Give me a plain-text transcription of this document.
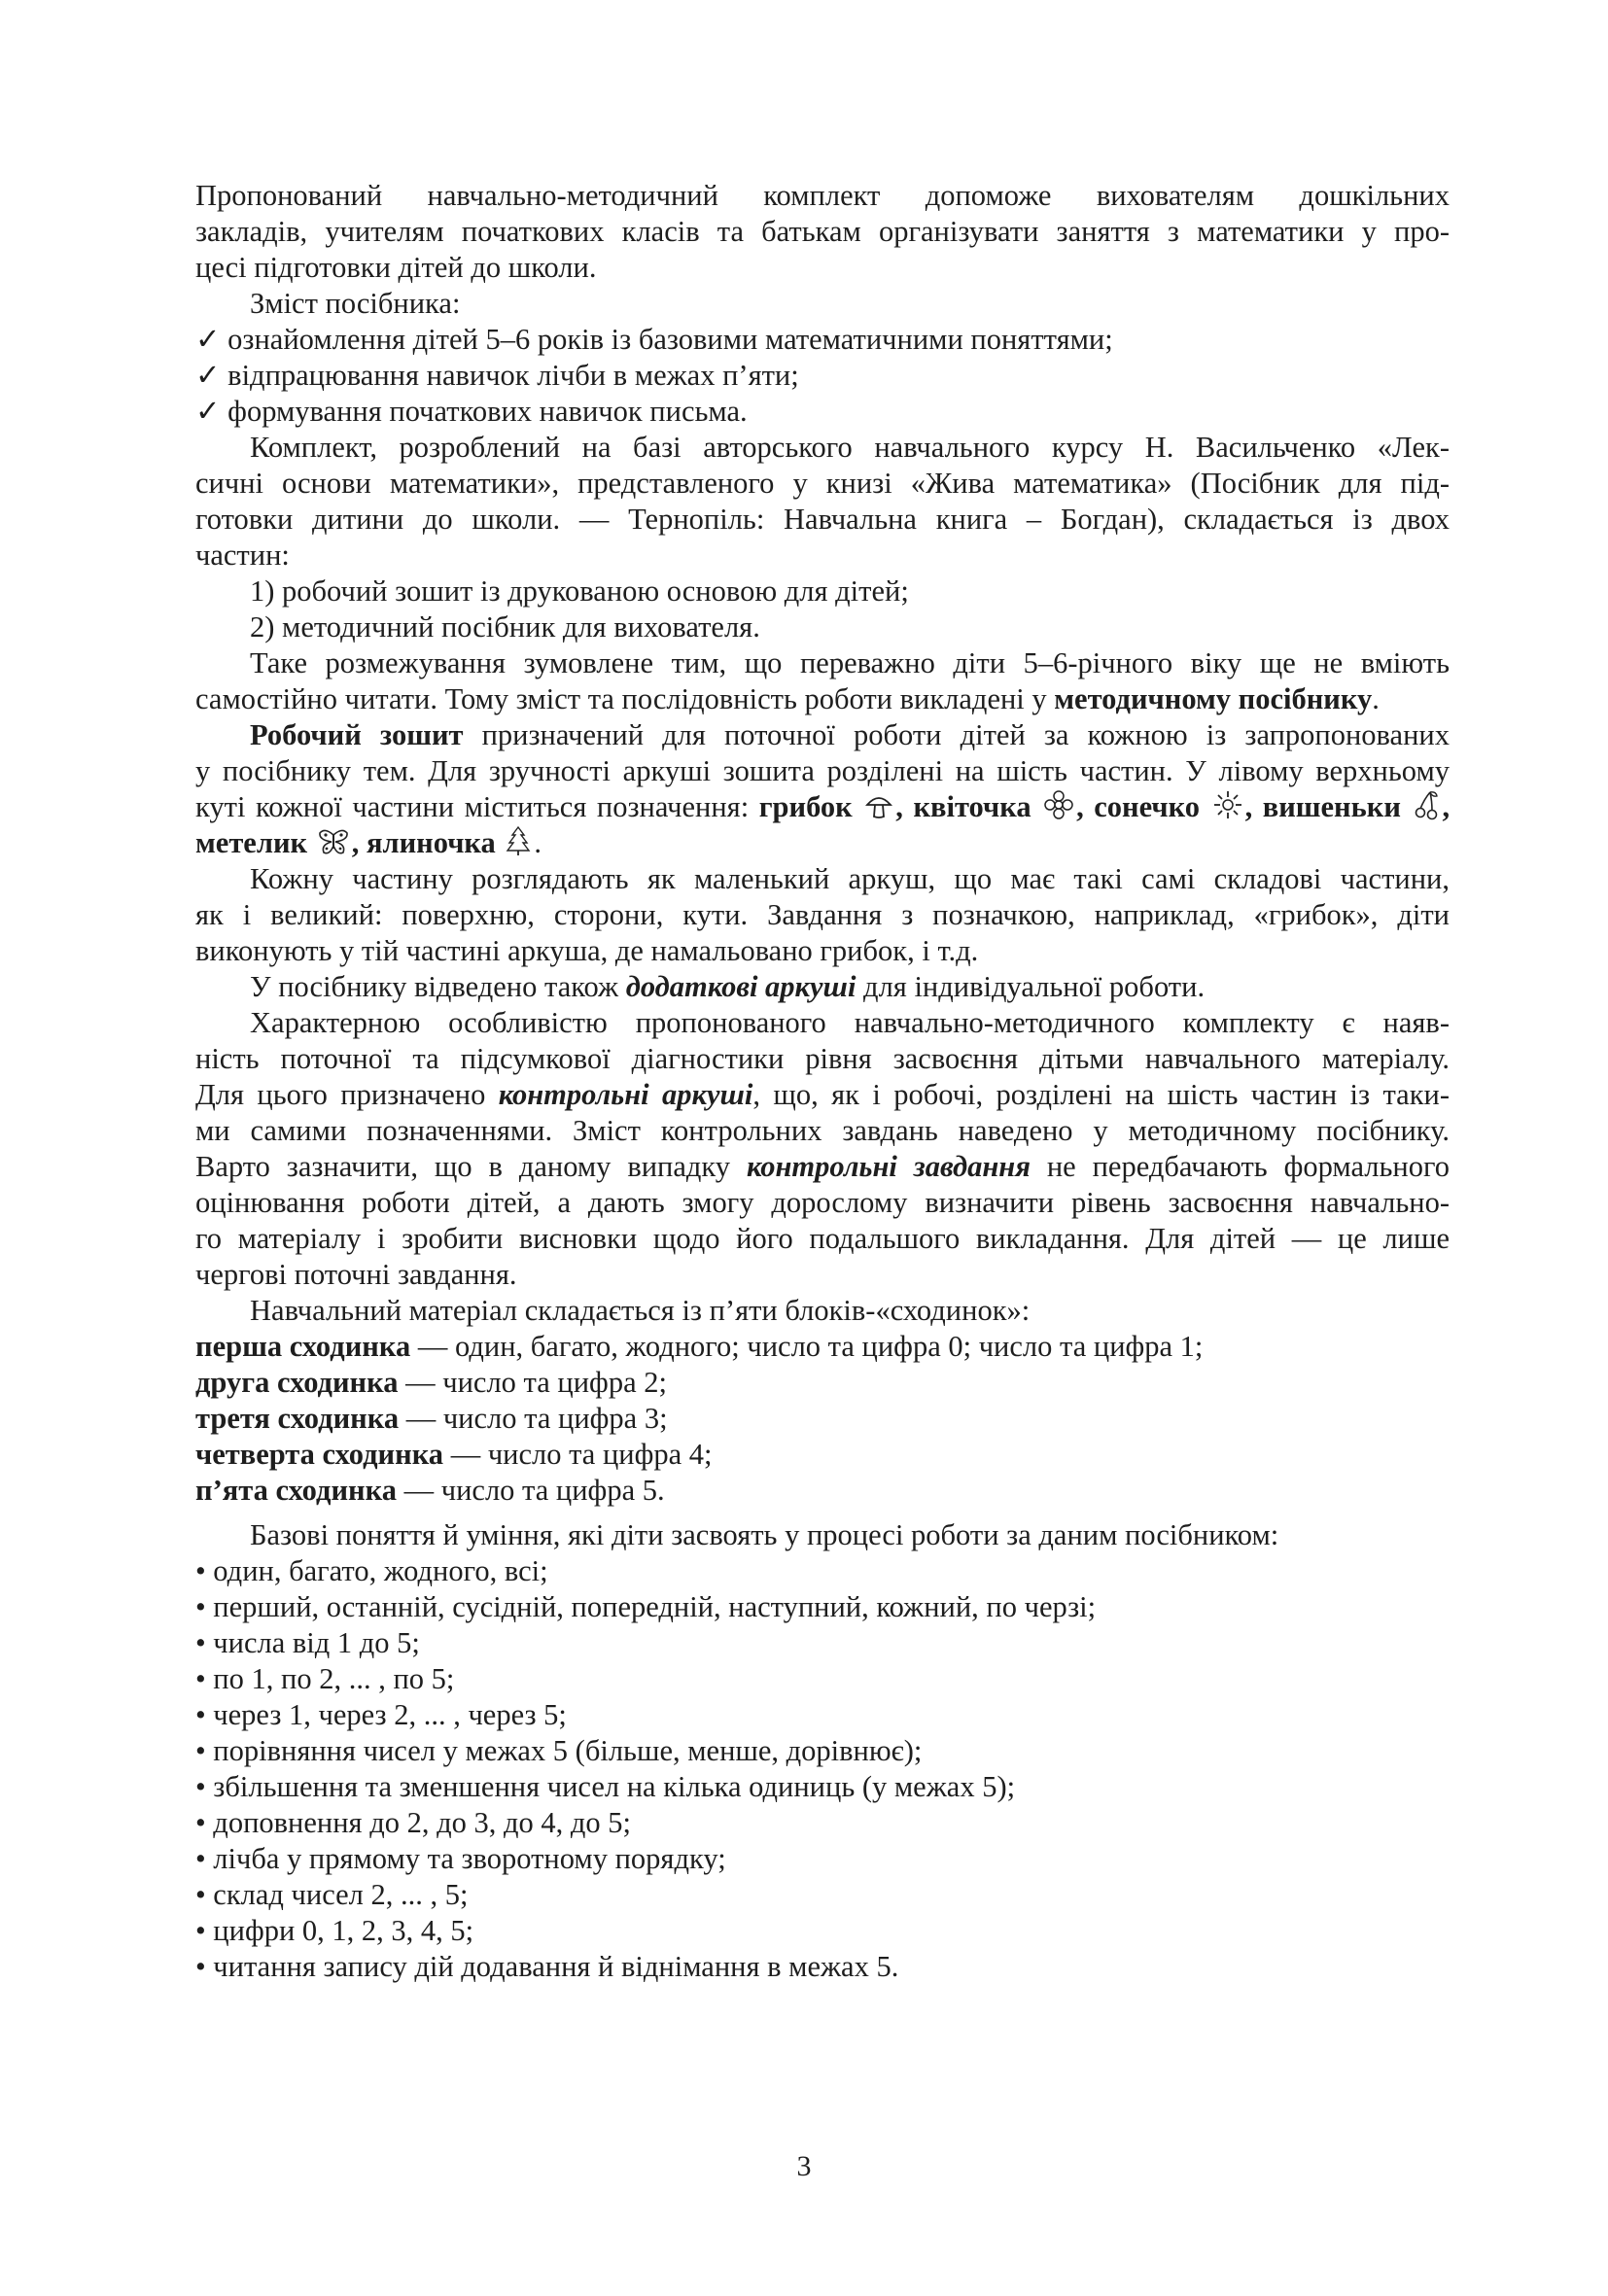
Пропонований навчально-методичний комплект допоможе вихователям дошкільних

закладів, учителям початкових класів та батькам організувати заняття з математики у про-

цесі підготовки дітей до школи.

Зміст посібника:

✓ ознайомлення дітей 5–6 років із базовими математичними поняттями;

✓ відпрацювання навичок лічби в межах п’яти;

✓ формування початкових навичок письма.

Комплект, розроблений на базі авторського навчального курсу Н. Васильченко «Лек-

сичні основи математики», представленого у книзі «Жива математика» (Посібник для під-

готовки дитини до школи. — Тернопіль: Навчальна книга – Богдан), складається із двох

частин:

1) робочий зошит із друкованою основою для дітей;

2) методичний посібник для вихователя.

Таке розмежування зумовлене тим, що переважно діти 5–6-річного віку ще не вміють

самостійно читати. Тому зміст та послідовність роботи викладені у методичному посібнику.

Робочий зошит призначений для поточної роботи дітей за кожною із запропонованих

у посібнику тем. Для зручності аркуші зошита розділені на шість частин. У лівому верхньому

куті кожної частини міститься позначення: грибок , квіточка , сонечко , вишеньки ,

метелик , ялиночка .

Кожну частину розглядають як маленький аркуш, що має такі самі складові частини,

як і великий: поверхню, сторони, кути. Завдання з позначкою, наприклад, «грибок», діти

виконують у тій частині аркуша, де намальовано грибок, і т.д.

У посібнику відведено також додаткові аркуші для індивідуальної роботи.

Характерною особливістю пропонованого навчально-методичного комплекту є наяв-

ність поточної та підсумкової діагностики рівня засвоєння дітьми навчального матеріалу.

Для цього призначено контрольні аркуші, що, як і робочі, розділені на шість частин із таки-

ми самими позначеннями. Зміст контрольних завдань наведено у методичному посібнику.

Варто зазначити, що в даному випадку контрольні завдання не передбачають формального

оцінювання роботи дітей, а дають змогу дорослому визначити рівень засвоєння навчально-

го матеріалу і зробити висновки щодо його подальшого викладання. Для дітей — це лише

чергові поточні завдання.

Навчальний матеріал складається із п’яти блоків-«сходинок»:

перша сходинка — один, багато, жодного; число та цифра 0; число та цифра 1;

друга сходинка — число та цифра 2;

третя сходинка — число та цифра 3;

четверта сходинка — число та цифра 4;

п’ята сходинка — число та цифра 5.

Базові поняття й уміння, які діти засвоять у процесі роботи за даним посібником:

• один, багато, жодного, всі;

• перший, останній, сусідній, попередній, наступний, кожний, по черзі;

• числа від 1 до 5;

• по 1, по 2, ... , по 5;

• через 1, через 2, ... , через 5;

• порівняння чисел у межах 5 (більше, менше, дорівнює);

• збільшення та зменшення чисел на кілька одиниць (у межах 5);

• доповнення до 2, до 3, до 4, до 5;

• лічба у прямому та зворотному порядку;

• склад чисел 2, ... , 5;

• цифри 0, 1, 2, 3, 4, 5;

• читання запису дій додавання й віднімання в межах 5.

3
